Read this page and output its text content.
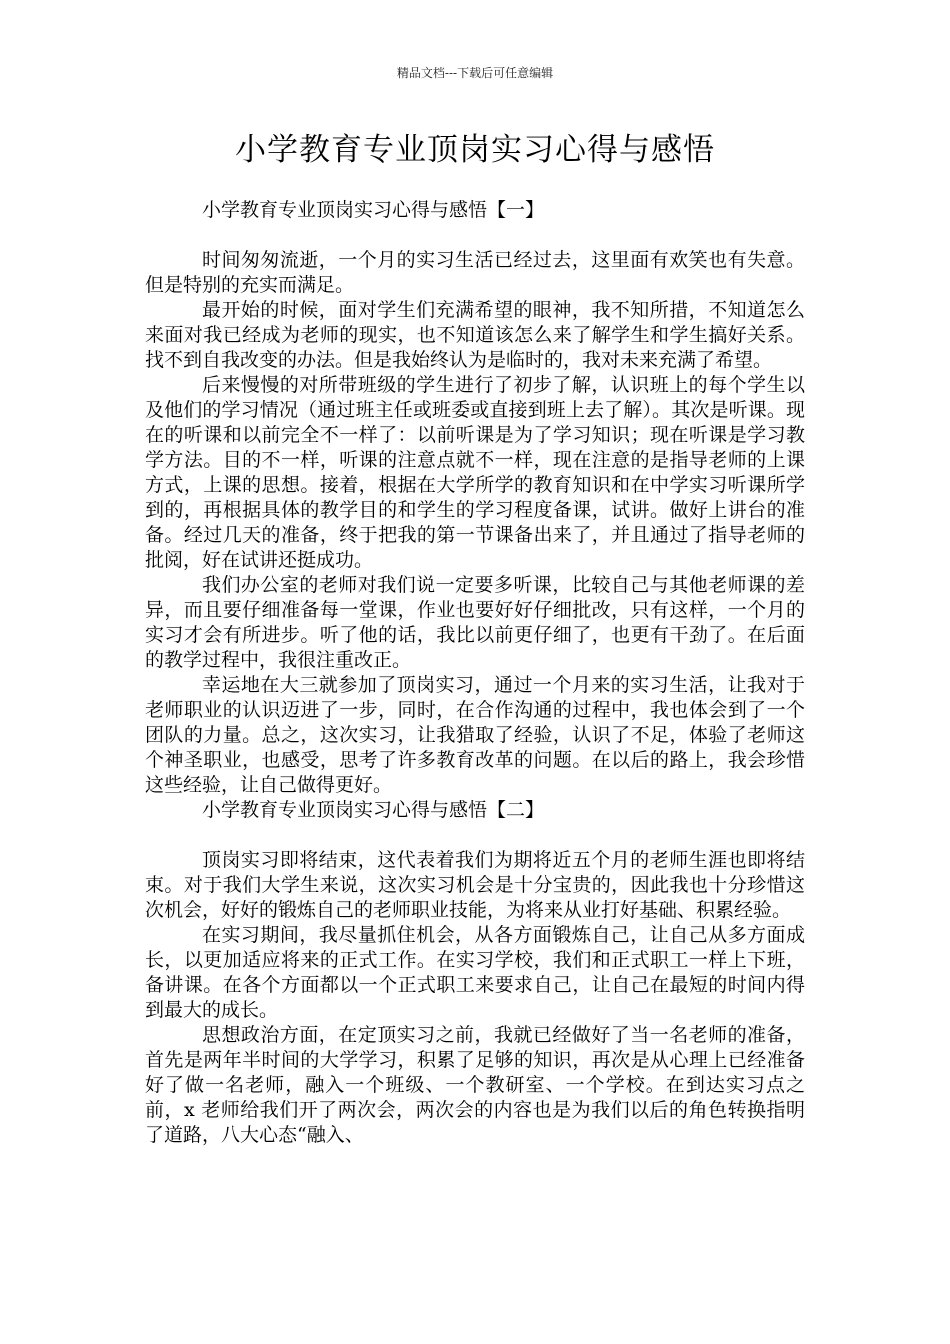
精品文档---下载后可任意编辑
小学教育专业顶岗实习心得与感悟

小学教育专业顶岗实习心得与感悟【一】

时间匆匆流逝，一个月的实习生活已经过去，这里面有欢笑也有失意。但是特别的充实而满足。

最开始的时候，面对学生们充满希望的眼神，我不知所措，不知道怎么来面对我已经成为老师的现实，也不知道该怎么来了解学生和学生搞好关系。找不到自我改变的办法。但是我始终认为是临时的，我对未来充满了希望。

后来慢慢的对所带班级的学生进行了初步了解，认识班上的每个学生以及他们的学习情况（通过班主任或班委或直接到班上去了解）。其次是听课。现在的听课和以前完全不一样了：以前听课是为了学习知识；现在听课是学习教学方法。目的不一样，听课的注意点就不一样，现在注意的是指导老师的上课方式，上课的思想。接着，根据在大学所学的教育知识和在中学实习听课所学到的，再根据具体的教学目的和学生的学习程度备课，试讲。做好上讲台的准备。经过几天的准备，终于把我的第一节课备出来了，并且通过了指导老师的批阅，好在试讲还挺成功。

我们办公室的老师对我们说一定要多听课，比较自己与其他老师课的差异，而且要仔细准备每一堂课，作业也要好好仔细批改，只有这样，一个月的实习才会有所进步。听了他的话，我比以前更仔细了，也更有干劲了。在后面的教学过程中，我很注重改正。

幸运地在大三就参加了顶岗实习，通过一个月来的实习生活，让我对于老师职业的认识迈进了一步，同时，在合作沟通的过程中，我也体会到了一个团队的力量。总之，这次实习，让我猎取了经验，认识了不足，体验了老师这个神圣职业，也感受，思考了许多教育改革的问题。在以后的路上，我会珍惜这些经验，让自己做得更好。

小学教育专业顶岗实习心得与感悟【二】

顶岗实习即将结束，这代表着我们为期将近五个月的老师生涯也即将结束。对于我们大学生来说，这次实习机会是十分宝贵的，因此我也十分珍惜这次机会，好好的锻炼自己的老师职业技能，为将来从业打好基础、积累经验。

在实习期间，我尽量抓住机会，从各方面锻炼自己，让自己从多方面成长，以更加适应将来的正式工作。在实习学校，我们和正式职工一样上下班，备讲课。在各个方面都以一个正式职工来要求自己，让自己在最短的时间内得到最大的成长。

思想政治方面，在定顶实习之前，我就已经做好了当一名老师的准备，首先是两年半时间的大学学习，积累了足够的知识，再次是从心理上已经准备好了做一名老师，融入一个班级、一个教研室、一个学校。在到达实习点之前，x 老师给我们开了两次会，两次会的内容也是为我们以后的角色转换指明了道路，八大心态“融入、
